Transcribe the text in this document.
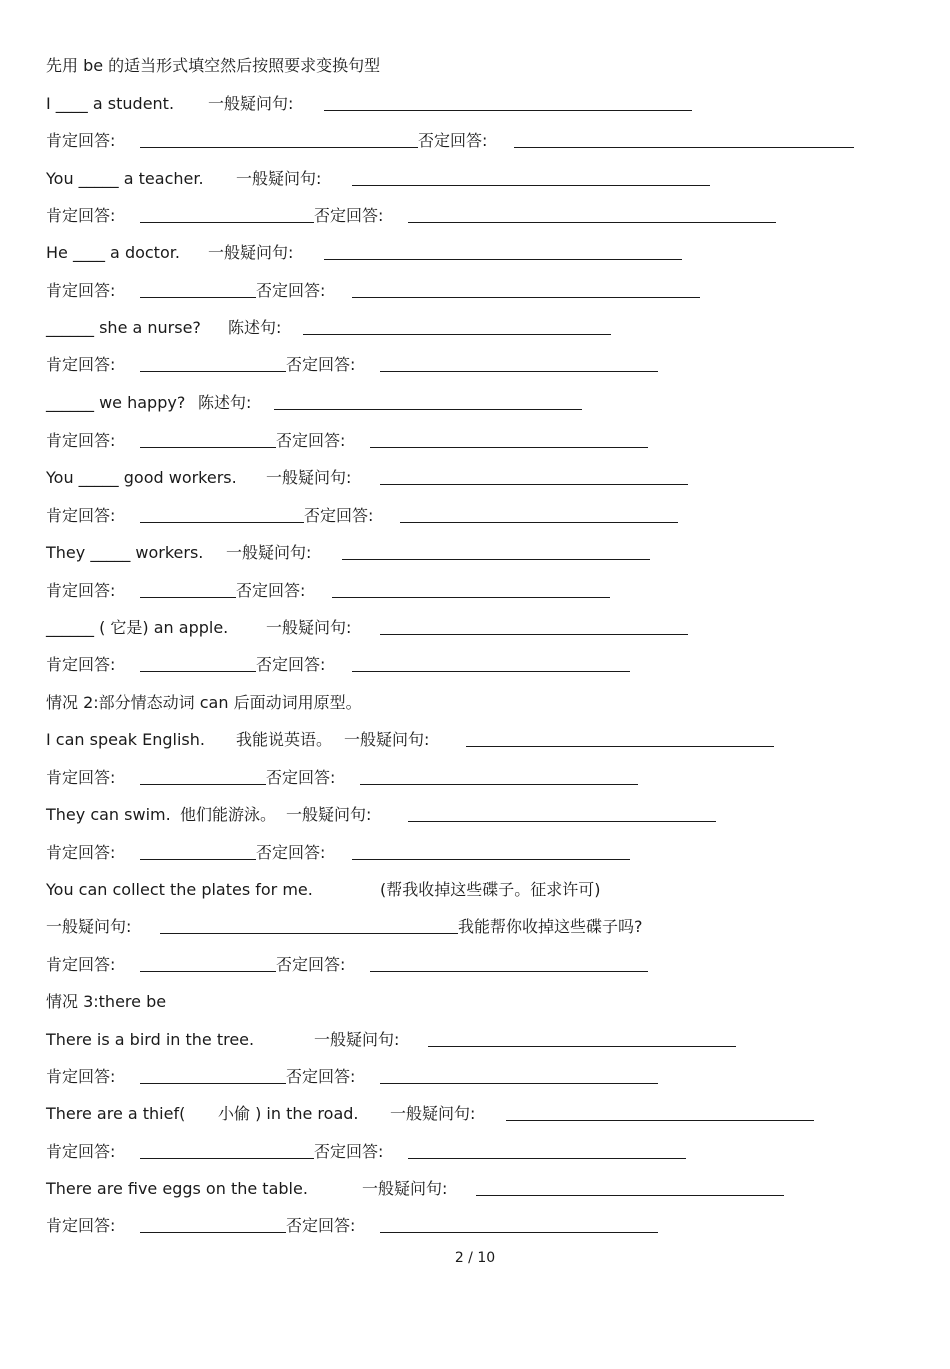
先用 be 的适当形式填空然后按照要求变换句型

I ____ a student.

一般疑问句:

肯定回答:

	否定回答:

You _____ a teacher.

一般疑问句:

肯定回答:

	否定回答:

He ____ a doctor.

一般疑问句:

肯定回答:

	否定回答:

______ she a nurse?

陈述句:

肯定回答:

	否定回答:

______ we happy?

陈述句:

肯定回答:

	否定回答:

You _____ good workers.

一般疑问句:

肯定回答:

	否定回答:

They _____ workers.

一般疑问句:

肯定回答:

	否定回答:

______ ( 它是) an apple.

一般疑问句:

肯定回答:

	否定回答:

情况 2:部分情态动词 can 后面动词用原型。

I can speak English.

我能说英语。

一般疑问句:

肯定回答:

	否定回答:

They can swim.

他们能游泳。

一般疑问句:

肯定回答:

	否定回答:

You can collect the plates for me.

	(帮我收掉这些碟子。征求许可)

一般疑问句:

	我能帮你收掉这些碟子吗?

肯定回答:

	否定回答:

情况 3:there be

There is a bird in the tree.

	一般疑问句:

肯定回答:

	否定回答:

There are a thief(

小偷 ) in the road.

一般疑问句:

肯定回答:

	否定回答:

There are five eggs on the table.

	一般疑问句:

肯定回答:

	否定回答:

2 / 10
